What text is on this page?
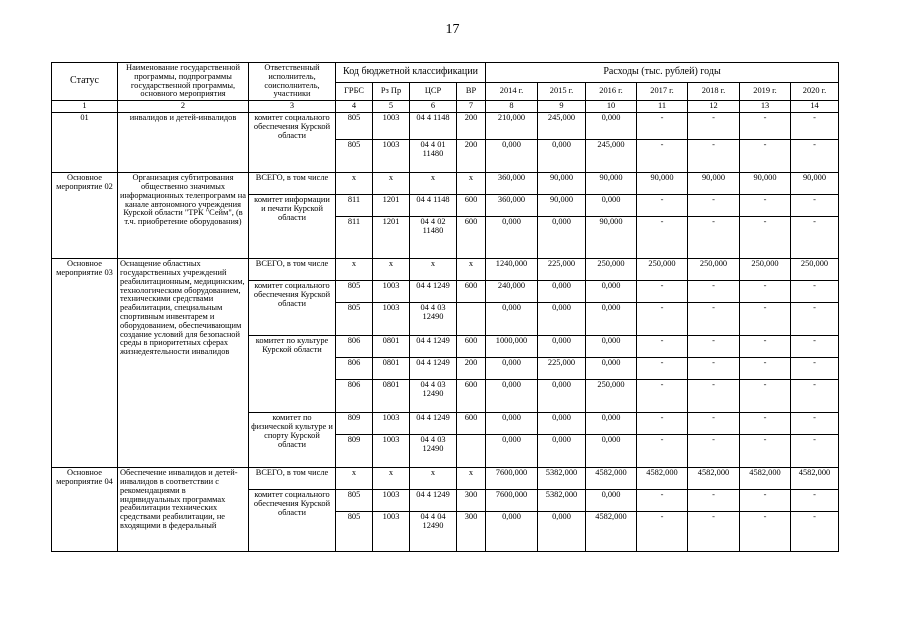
17
Статус	Наименование государственной программы, подпрограммы государственной программы, основного мероприятия	Ответственный исполнитель, соисполнитель, участники	Код бюджетной классификации				Расходы (тыс. рублей) годы						
			ГРБС	Рз Пр	ЦСР	ВР	2014 г.	2015 г.	2016 г.	2017 г.	2018 г.	2019 г.	2020 г.
1	2	3	4	5	6	7	8	9	10	11	12	13	14
01	инвалидов и детей-инвалидов	комитет социального обеспечения Курской области	805	1003	04 4 1148	200	210,000	245,000	0,000	-	-	-	-
			805	1003	04 4 01 11480	200	0,000	0,000	245,000	-	-	-	-
Основное мероприятие 02	Организация субтитрования общественно значимых информационных телепрограмм на канале автономного учреждения Курской области "ТРК "Сейм", (в т.ч. приобретение оборудования)	ВСЕГО, в том числе	х	х	х	х	360,000	90,000	90,000	90,000	90,000	90,000	90,000
		комитет информации и печати Курской области	811	1201	04 4 1148	600	360,000	90,000	0,000	-	-	-	-
			811	1201	04 4 02 11480	600	0,000	0,000	90,000	-	-	-	-
Основное мероприятие 03	Оснащение областных государственных учреждений реабилитационным, медицинским, технологическим оборудованием, техническими средствами реабилитации, специальным спортивным инвентарем и оборудованием, обеспечивающим создание условий для безопасной среды в приоритетных сферах жизнедеятельности инвалидов	ВСЕГО, в том числе	х	х	х	х	1240,000	225,000	250,000	250,000	250,000	250,000	250,000
		комитет социального обеспечения Курской области	805	1003	04 4 1249	600	240,000	0,000	0,000	-	-	-	-
			805	1003	04 4 03 12490		0,000	0,000	0,000	-	-	-	-
		комитет по культуре Курской области	806	0801	04 4 1249	600	1000,000	0,000	0,000	-	-	-	-
			806	0801	04 4 1249	200	0,000	225,000	0,000	-	-	-	-
			806	0801	04 4 03 12490	600	0,000	0,000	250,000	-	-	-	-
		комитет по физической культуре и спорту Курской области	809	1003	04 4 1249	600	0,000	0,000	0,000	-	-	-	-
			809	1003	04 4 03 12490		0,000	0,000	0,000	-	-	-	-
Основное мероприятие 04	Обеспечение инвалидов и детей-инвалидов в соответствии с рекомендациями в индивидуальных программах реабилитации технических средствами реабилитации, не входящими в федеральный	ВСЕГО, в том числе	х	х	х	х	7600,000	5382,000	4582,000	4582,000	4582,000	4582,000	4582,000
		комитет социального обеспечения Курской области	805	1003	04 4 1249	300	7600,000	5382,000	0,000	-	-	-	-
			805	1003	04 4 04 12490	300	0,000	0,000	4582,000	-	-	-	-
